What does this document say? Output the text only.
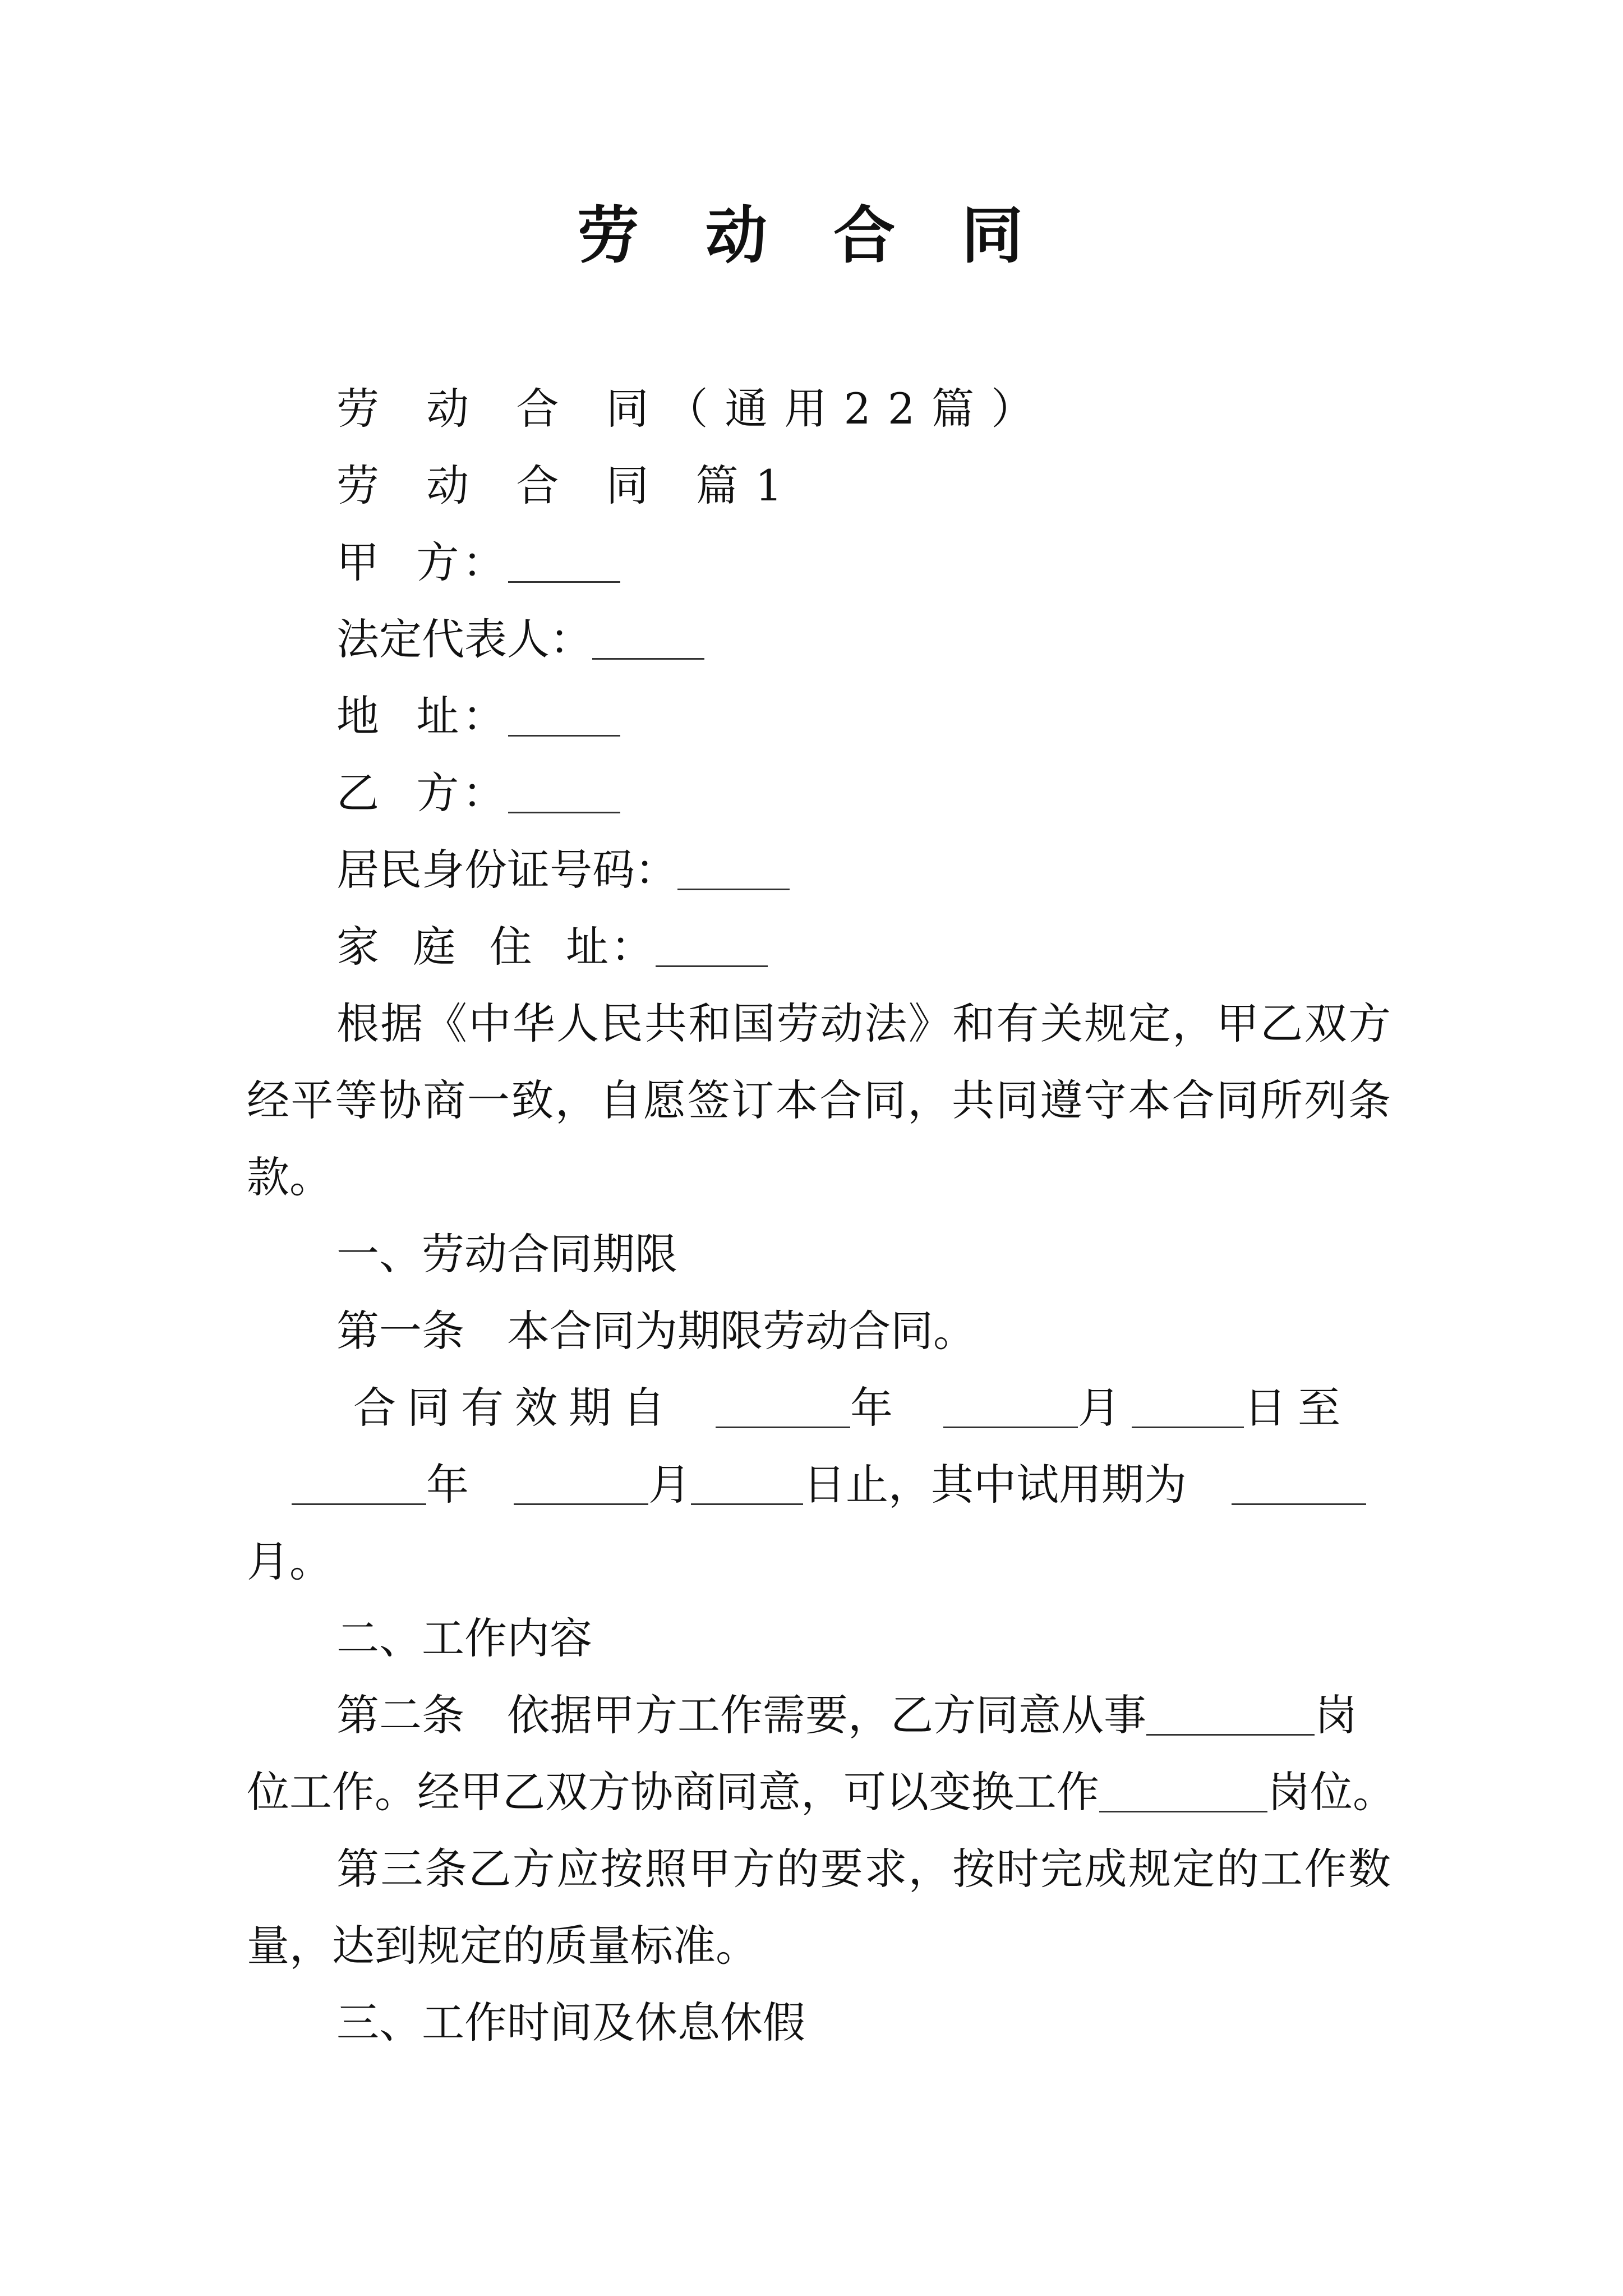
劳 动 合 同

劳 动 合 同（通用22篇）

劳 动 合 同 篇1

甲  方：

法定代表人：

地  址：

乙  方：

居民身份证号码：

家  庭  住  址：

根据《中华人民共和国劳动法》和有关规定，甲乙双方经平等协商一致，自愿签订本合同，共同遵守本合同所列条款。

一、劳动合同期限

第一条　本合同为期限劳动合同。

合同有效期自	年	月	日至

年	月	日止，其中试用期为

月。

二、工作内容

第二条　依据甲方工作需要，乙方同意从事	岗

位工作。经甲乙双方协商同意，可以变换工作	岗位。

第三条乙方应按照甲方的要求，按时完成规定的工作数量，达到规定的质量标准。

三、工作时间及休息休假
